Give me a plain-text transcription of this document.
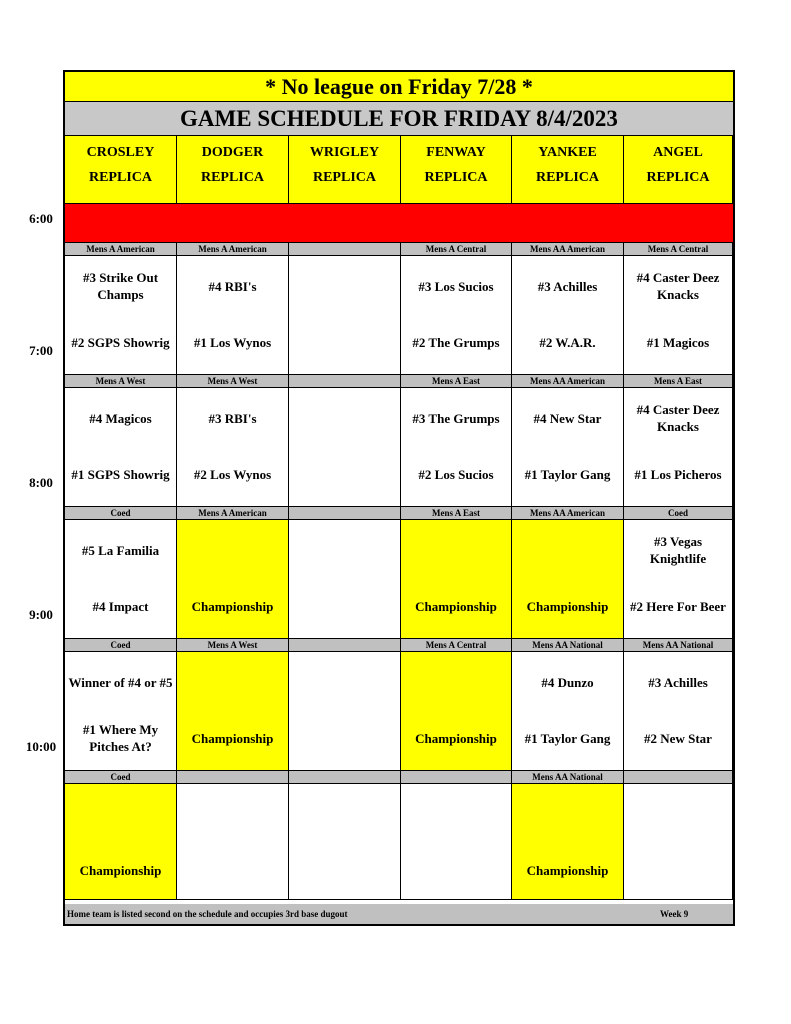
* No league on Friday 7/28 *
GAME SCHEDULE FOR FRIDAY 8/4/2023
CROSLEY
REPLICA
DODGER
REPLICA
WRIGLEY
REPLICA
FENWAY
REPLICA
YANKEE
REPLICA
ANGEL
REPLICA
Mens A American
#3 Strike Out Champs
#2 SGPS Showrig
Mens A American
#4 RBI's
#1 Los Wynos
Mens A Central
#3 Los Sucios
#2 The Grumps
Mens AA American
#3 Achilles
#2 W.A.R.
Mens A Central
#4 Caster Deez Knacks
#1 Magicos
Mens A West
#4 Magicos
#1 SGPS Showrig
Mens A West
#3 RBI's
#2 Los Wynos
Mens A East
#3 The Grumps
#2 Los Sucios
Mens AA American
#4 New Star
#1 Taylor Gang
Mens A East
#4 Caster Deez Knacks
#1 Los Picheros
Coed
#5 La Familia
#4 Impact
Mens A American
Championship
Mens A East
Championship
Mens AA American
Championship
Coed
#3 Vegas Knightlife
#2 Here For Beer
Coed
Winner of #4 or #5
#1 Where My Pitches At?
Mens A West
Championship
Mens A Central
Championship
Mens AA National
#4 Dunzo
#1 Taylor Gang
Mens AA National
#3 Achilles
#2 New Star
Coed
Championship
Mens AA National
Championship
Home team is listed second on the schedule and occupies 3rd base dugout	Week 9
6:00
7:00
8:00
9:00
10:00
